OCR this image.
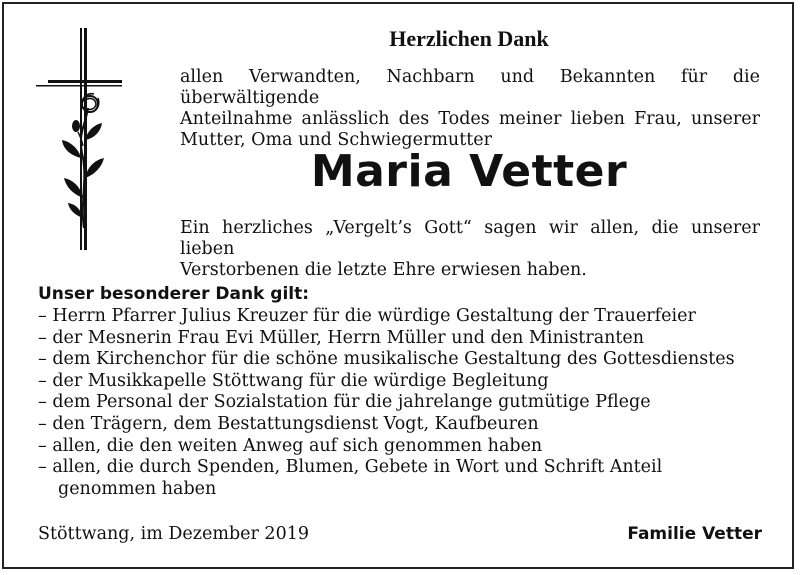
Herzlichen Dank
allen Verwandten, Nachbarn und Bekannten für die überwältigende
Anteilnahme anlässlich des Todes meiner lieben Frau, unserer
Mutter, Oma und Schwiegermutter
Maria Vetter
Ein herzliches „Vergelt’s Gott“ sagen wir allen, die unserer lieben
Verstorbenen die letzte Ehre erwiesen haben.
Unser besonderer Dank gilt:
– Herrn Pfarrer Julius Kreuzer für die würdige Gestaltung der Trauerfeier
– der Mesnerin Frau Evi Müller, Herrn Müller und den Ministranten
– dem Kirchenchor für die schöne musikalische Gestaltung des Gottesdienstes
– der Musikkapelle Stöttwang für die würdige Begleitung
– dem Personal der Sozialstation für die jahrelange gutmütige Pflege
– den Trägern, dem Bestattungsdienst Vogt, Kaufbeuren
– allen, die den weiten Anweg auf sich genommen haben
– allen, die durch Spenden, Blumen, Gebete in Wort und Schrift Anteil genommen haben
Stöttwang, im Dezember 2019	Familie Vetter
